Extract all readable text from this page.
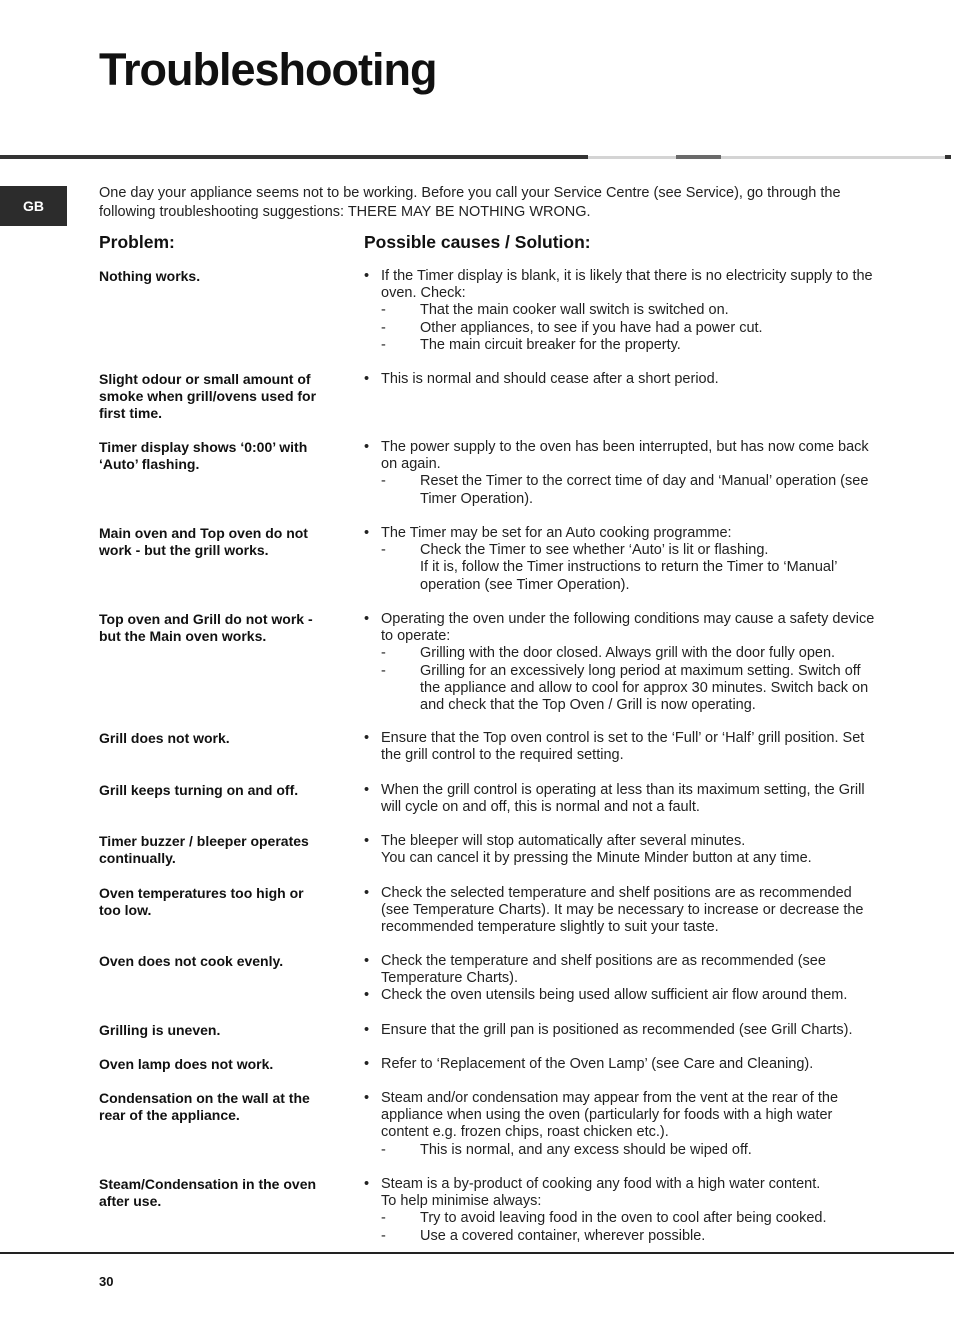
Troubleshooting
GB

One day your appliance seems not to be working. Before you call your Service Centre (see Service), go through the following troubleshooting suggestions: THERE MAY BE NOTHING WRONG.

Problem:	Possible causes / Solution:
Nothing works.	• If the Timer display is blank, it is likely that there is no electricity supply to the oven. Check:
- That the main cooker wall switch is switched on.
- Other appliances, to see if you have had a power cut.
- The main circuit breaker for the property.
Slight odour or small amount of smoke when grill/ovens used for first time.
• This is normal and should cease after a short period.
Timer display shows ‘0:00’ with ‘Auto’ flashing.
• The power supply to the oven has been interrupted, but has now come back on again.
- Reset the Timer to the correct time of day and ‘Manual’ operation (see Timer Operation).
Main oven and Top oven do not work - but the grill works.
• The Timer may be set for an Auto cooking programme:
- Check the Timer to see whether ‘Auto’ is lit or flashing.
If it is, follow the Timer instructions to return the Timer to ‘Manual’ operation (see Timer Operation).
Top oven and Grill do not work - but the Main oven works.
• Operating the oven under the following conditions may cause a safety device to operate:
- Grilling with the door closed. Always grill with the door fully open.
- Grilling for an excessively long period at maximum setting. Switch off the appliance and allow to cool for approx 30 minutes. Switch back on and check that the Top Oven / Grill is now operating.
Grill does not work.	• Ensure that the Top oven control is set to the ‘Full’ or ‘Half’ grill position. Set the grill control to the required setting.
Grill keeps turning on and off.	• When the grill control is operating at less than its maximum setting, the Grill will cycle on and off, this is normal and not a fault.
Timer buzzer / bleeper operates continually.
• The bleeper will stop automatically after several minutes.
You can cancel it by pressing the Minute Minder button at any time.
Oven temperatures too high or too low.
• Check the selected temperature and shelf positions are as recommended (see Temperature Charts). It may be necessary to increase or decrease the recommended temperature slightly to suit your taste.
Oven does not cook evenly.	• Check the temperature and shelf positions are as recommended (see Temperature Charts).
• Check the oven utensils being used allow sufficient air flow around them.
Grilling is uneven.	• Ensure that the grill pan is positioned as recommended (see Grill Charts).
Oven lamp does not work.	• Refer to ‘Replacement of the Oven Lamp’ (see Care and Cleaning).
Condensation on the wall at the rear of the appliance.
• Steam and/or condensation may appear from the vent at the rear of the appliance when using the oven (particularly for foods with a high water content e.g. frozen chips, roast chicken etc.).
- This is normal, and any excess should be wiped off.
Steam/Condensation in the oven after use.
• Steam is a by-product of cooking any food with a high water content.
To help minimise always:
- Try to avoid leaving food in the oven to cool after being cooked.
- Use a covered container, wherever possible.
30
